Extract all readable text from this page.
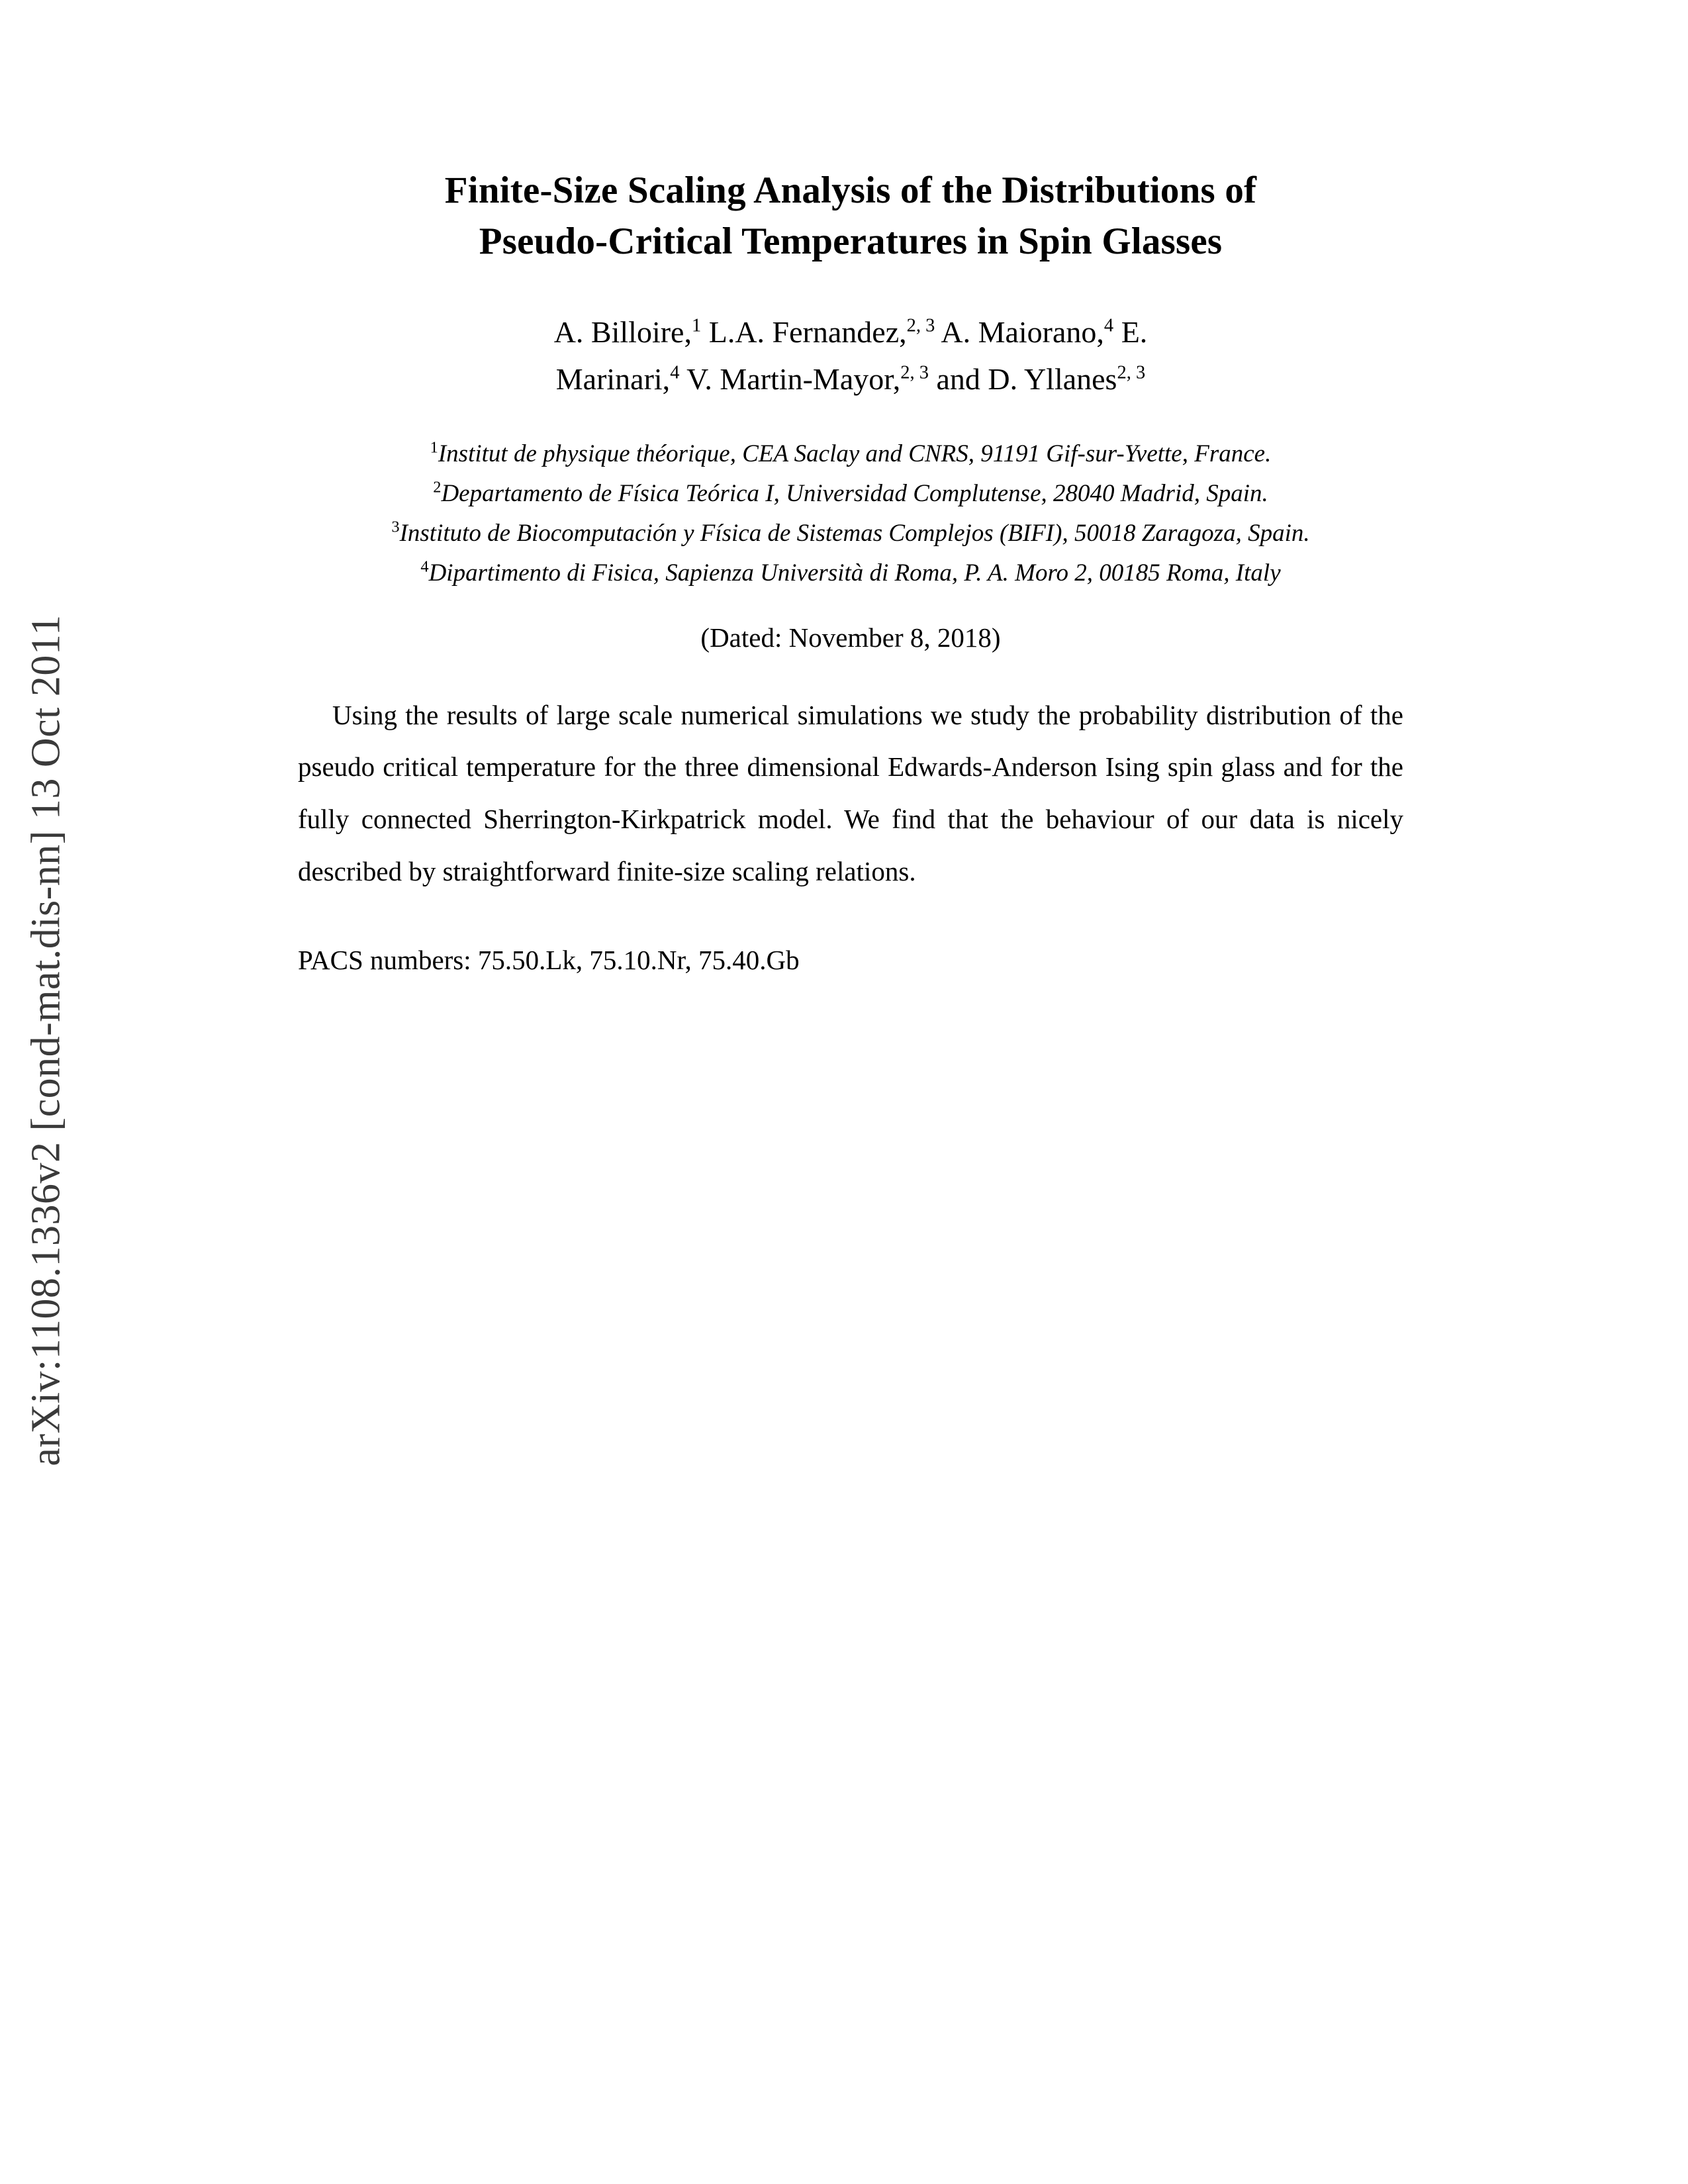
arXiv:1108.1336v2 [cond-mat.dis-nn] 13 Oct 2011
Finite-Size Scaling Analysis of the Distributions of
Pseudo-Critical Temperatures in Spin Glasses
A. Billoire,$^1$ L.A. Fernandez,$^{2, 3}$ A. Maiorano,$^4$ E.
Marinari,$^4$ V. Martin-Mayor,$^{2, 3}$ and D. Yllanes$^{2, 3}$
$^1$Institut de physique théorique, CEA Saclay and CNRS, 91191 Gif-sur-Yvette, France.
$^2$Departamento de Física Teórica I, Universidad Complutense, 28040 Madrid, Spain.
$^3$Instituto de Biocomputación y Física de Sistemas Complejos (BIFI), 50018 Zaragoza, Spain.
$^4$Dipartimento di Fisica, Sapienza Università di Roma, P. A. Moro 2, 00185 Roma, Italy
(Dated: November 8, 2018)

Using the results of large scale numerical simulations we study the probability distribution of the pseudo critical temperature for the three dimensional Edwards-Anderson Ising spin glass and for the fully connected Sherrington-Kirkpatrick model. We find that the behaviour of our data is nicely described by straightforward finite-size scaling relations.

PACS numbers: 75.50.Lk, 75.10.Nr, 75.40.Gb
